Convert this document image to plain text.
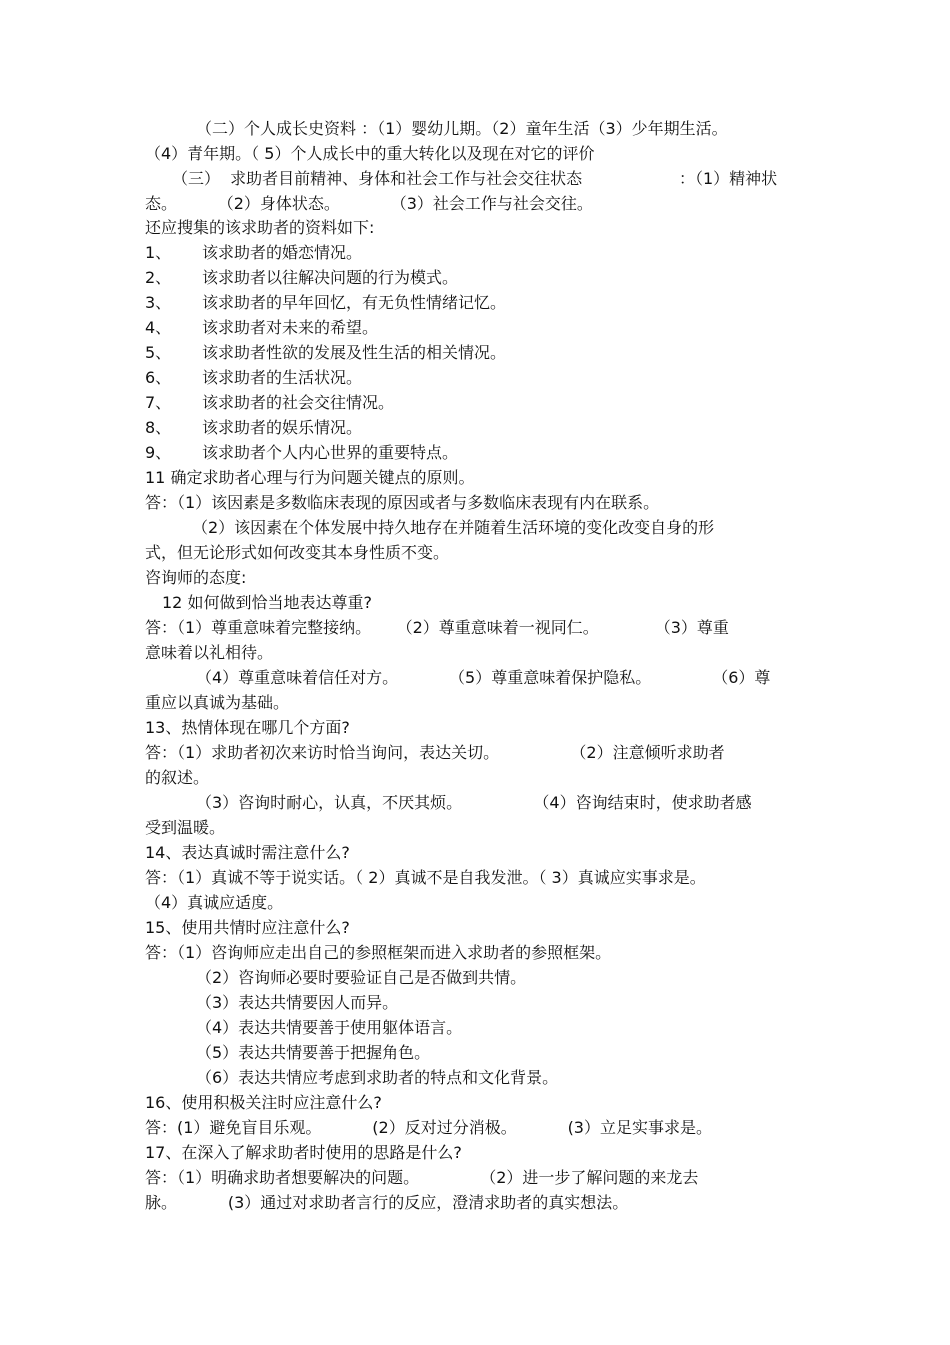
（二）个人成长史资料 ：（1）婴幼儿期。（2）童年生活（3）少年期生活。

（4）青年期。（ 5）个人成长中的重大转化以及现在对它的评价

（三）  求助者目前精神、身体和社会工作与社会交往状态	：（1）精神状

态。        （2）身体状态。          （3）社会工作与社会交往。

还应搜集的该求助者的资料如下:

1、 该求助者的婚恋情况。
2、 该求助者以往解决问题的行为模式。
3、 该求助者的早年回忆，有无负性情绪记忆。
4、 该求助者对未来的希望。
5、 该求助者性欲的发展及性生活的相关情况。
6、 该求助者的生活状况。
7、 该求助者的社会交往情况。
8、 该求助者的娱乐情况。
9、 该求助者个人内心世界的重要特点。

11 确定求助者心理与行为问题关键点的原则。

答：（1）该因素是多数临床表现的原因或者与多数临床表现有内在联系。

（2）该因素在个体发展中持久地存在并随着生活环境的变化改变自身的形

式，但无论形式如何改变其本身性质不变。

咨询师的态度:

12 如何做到恰当地表达尊重?

答：（1）尊重意味着完整接纳。     （2）尊重意味着一视同仁。           （3）尊重

意味着以礼相待。

（4）尊重意味着信任对方。          （5）尊重意味着保护隐私。            （6）尊

重应以真诚为基础。

13、热情体现在哪几个方面?

答：（1）求助者初次来访时恰当询问，表达关切。              （2）注意倾听求助者

的叙述。

（3）咨询时耐心，认真，不厌其烦。              （4）咨询结束时，使求助者感

受到温暖。

14、表达真诚时需注意什么?

答：（1）真诚不等于说实话。（ 2）真诚不是自我发泄。（ 3）真诚应实事求是。

（4）真诚应适度。

15、使用共情时应注意什么?

答：（1）咨询师应走出自己的参照框架而进入求助者的参照框架。

（2）咨询师必要时要验证自己是否做到共情。

（3）表达共情要因人而异。

（4）表达共情要善于使用躯体语言。

（5）表达共情要善于把握角色。

（6）表达共情应考虑到求助者的特点和文化背景。

16、使用积极关注时应注意什么?

答：(1）避免盲目乐观。          (2）反对过分消极。          (3）立足实事求是。

17、在深入了解求助者时使用的思路是什么?

答：（1）明确求助者想要解决的问题。            （2）进一步了解问题的来龙去

脉。          (3）通过对求助者言行的反应，澄清求助者的真实想法。
